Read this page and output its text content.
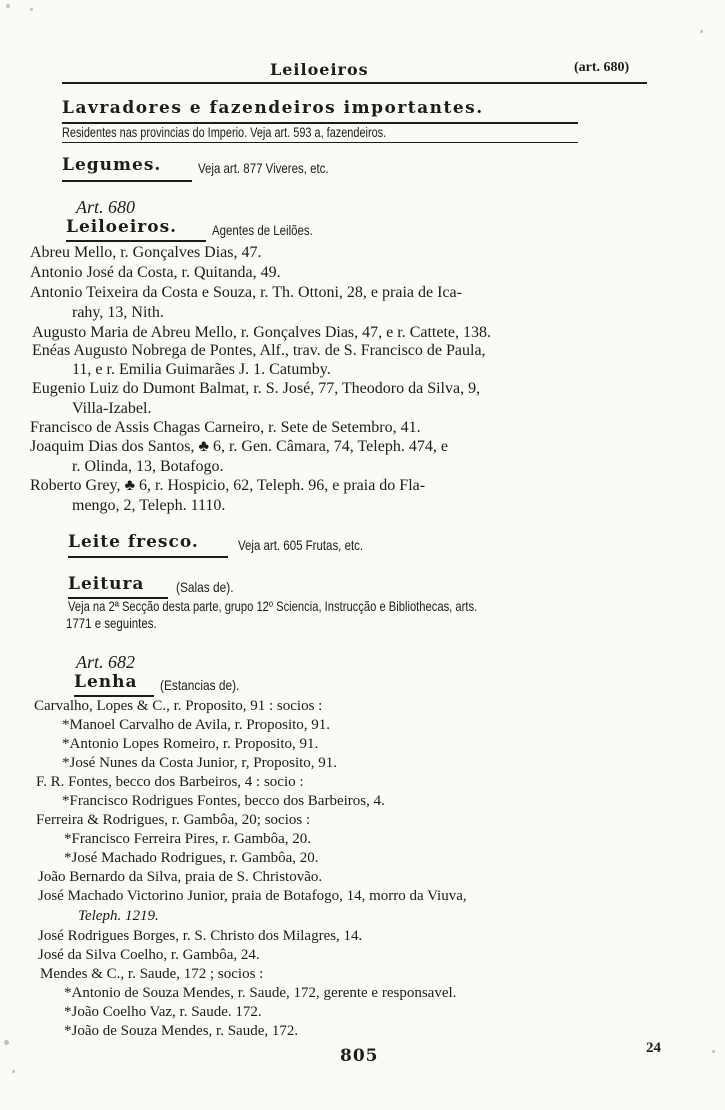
Leiloeiros	(art. 680)
Lavradores e fazendeiros importantes.
Residentes nas provincias do Imperio. Veja art. 593 a, fazendeiros.
Legumes.	Veja art. 877 Viveres, etc.
Art. 680
Leiloeiros. Agentes de Leilões.
Abreu Mello, r. Gonçalves Dias, 47.
Antonio José da Costa, r. Quitanda, 49.
Antonio Teixeira da Costa e Souza, r. Th. Ottoni, 28, e praia de Ica-
rahy, 13, Nith.
Augusto Maria de Abreu Mello, r. Gonçalves Dias, 47, e r. Cattete, 138.
Enéas Augusto Nobrega de Pontes, Alf., trav. de S. Francisco de Paula,
11, e r. Emilia Guimarães J. 1. Catumby.
Eugenio Luiz do Dumont Balmat, r. S. José, 77, Theodoro da Silva, 9,
Villa-Izabel.
Francisco de Assis Chagas Carneiro, r. Sete de Setembro, 41.
Joaquim Dias dos Santos, ♣ 6, r. Gen. Câmara, 74, Teleph. 474, e
r. Olinda, 13, Botafogo.
Roberto Grey, ♣ 6, r. Hospicio, 62, Teleph. 96, e praia do Fla-
mengo, 2, Teleph. 1110.
Leite fresco.	Veja art. 605 Frutas, etc.
Leitura (Salas de).
Veja na 2ª Secção desta parte, grupo 12º Sciencia, Instrucção e Bibliothecas, arts.
1771 e seguintes.
Art. 682
Lenha (Estancias de).
Carvalho, Lopes & C., r. Proposito, 91 : socios :
*Manoel Carvalho de Avila, r. Proposito, 91.
*Antonio Lopes Romeiro, r. Proposito, 91.
*José Nunes da Costa Junior, r, Proposito, 91.
F. R. Fontes, becco dos Barbeiros, 4 : socio :
*Francisco Rodrigues Fontes, becco dos Barbeiros, 4.
Ferreira & Rodrigues, r. Gambôa, 20; socios :
*Francisco Ferreira Pires, r. Gambôa, 20.
*José Machado Rodrigues, r. Gambôa, 20.
João Bernardo da Silva, praia de S. Christovão.
José Machado Victorino Junior, praia de Botafogo, 14, morro da Viuva,
Teleph. 1219.
José Rodrigues Borges, r. S. Christo dos Milagres, 14.
José da Silva Coelho, r. Gambôa, 24.
Mendes & C., r. Saude, 172 ; socios :
*Antonio de Souza Mendes, r. Saude, 172, gerente e responsavel.
*João Coelho Vaz, r. Saude. 172.
*João de Souza Mendes, r. Saude, 172.
805	24
